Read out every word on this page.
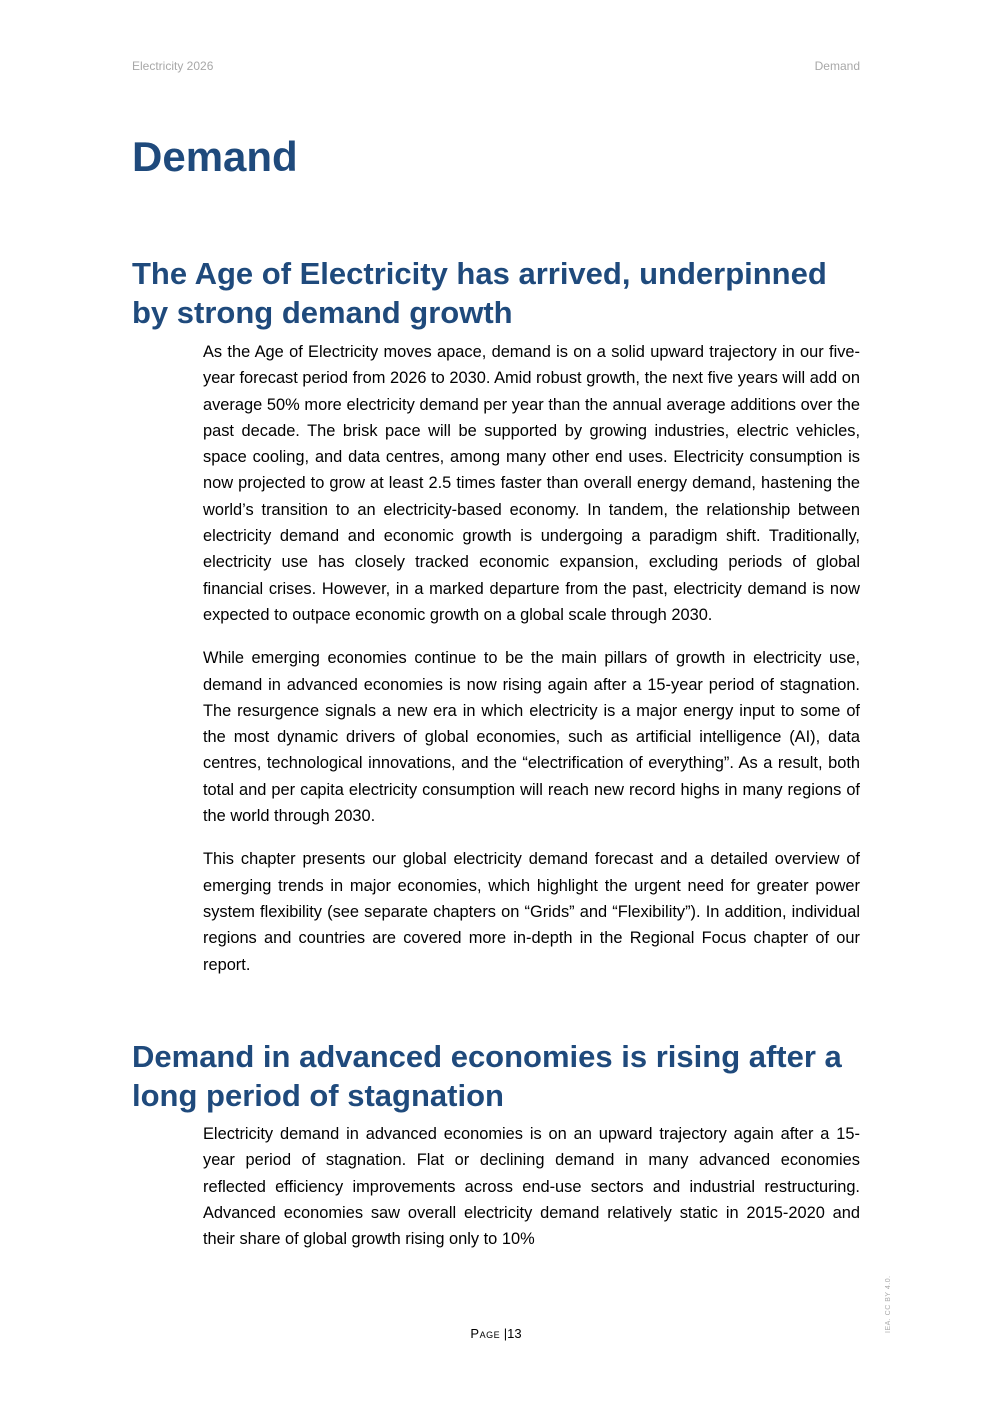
Electricity 2026	Demand
Demand
The Age of Electricity has arrived, underpinned by strong demand growth

As the Age of Electricity moves apace, demand is on a solid upward trajectory in our five-year forecast period from 2026 to 2030. Amid robust growth, the next five years will add on average 50% more electricity demand per year than the annual average additions over the past decade. The brisk pace will be supported by growing industries, electric vehicles, space cooling, and data centres, among many other end uses. Electricity consumption is now projected to grow at least 2.5 times faster than overall energy demand, hastening the world’s transition to an electricity-based economy. In tandem, the relationship between electricity demand and economic growth is undergoing a paradigm shift. Traditionally, electricity use has closely tracked economic expansion, excluding periods of global financial crises. However, in a marked departure from the past, electricity demand is now expected to outpace economic growth on a global scale through 2030.

While emerging economies continue to be the main pillars of growth in electricity use, demand in advanced economies is now rising again after a 15-year period of stagnation. The resurgence signals a new era in which electricity is a major energy input to some of the most dynamic drivers of global economies, such as artificial intelligence (AI), data centres, technological innovations, and the “electrification of everything”. As a result, both total and per capita electricity consumption will reach new record highs in many regions of the world through 2030.

This chapter presents our global electricity demand forecast and a detailed overview of emerging trends in major economies, which highlight the urgent need for greater power system flexibility (see separate chapters on “Grids” and “Flexibility”). In addition, individual regions and countries are covered more in-depth in the Regional Focus chapter of our report.

Demand in advanced economies is rising after a long period of stagnation

Electricity demand in advanced economies is on an upward trajectory again after a 15-year period of stagnation. Flat or declining demand in many advanced economies reflected efficiency improvements across end-use sectors and industrial restructuring. Advanced economies saw overall electricity demand relatively static in 2015-2020 and their share of global growth rising only to 10%

Page |13
IEA. CC BY 4.0.
